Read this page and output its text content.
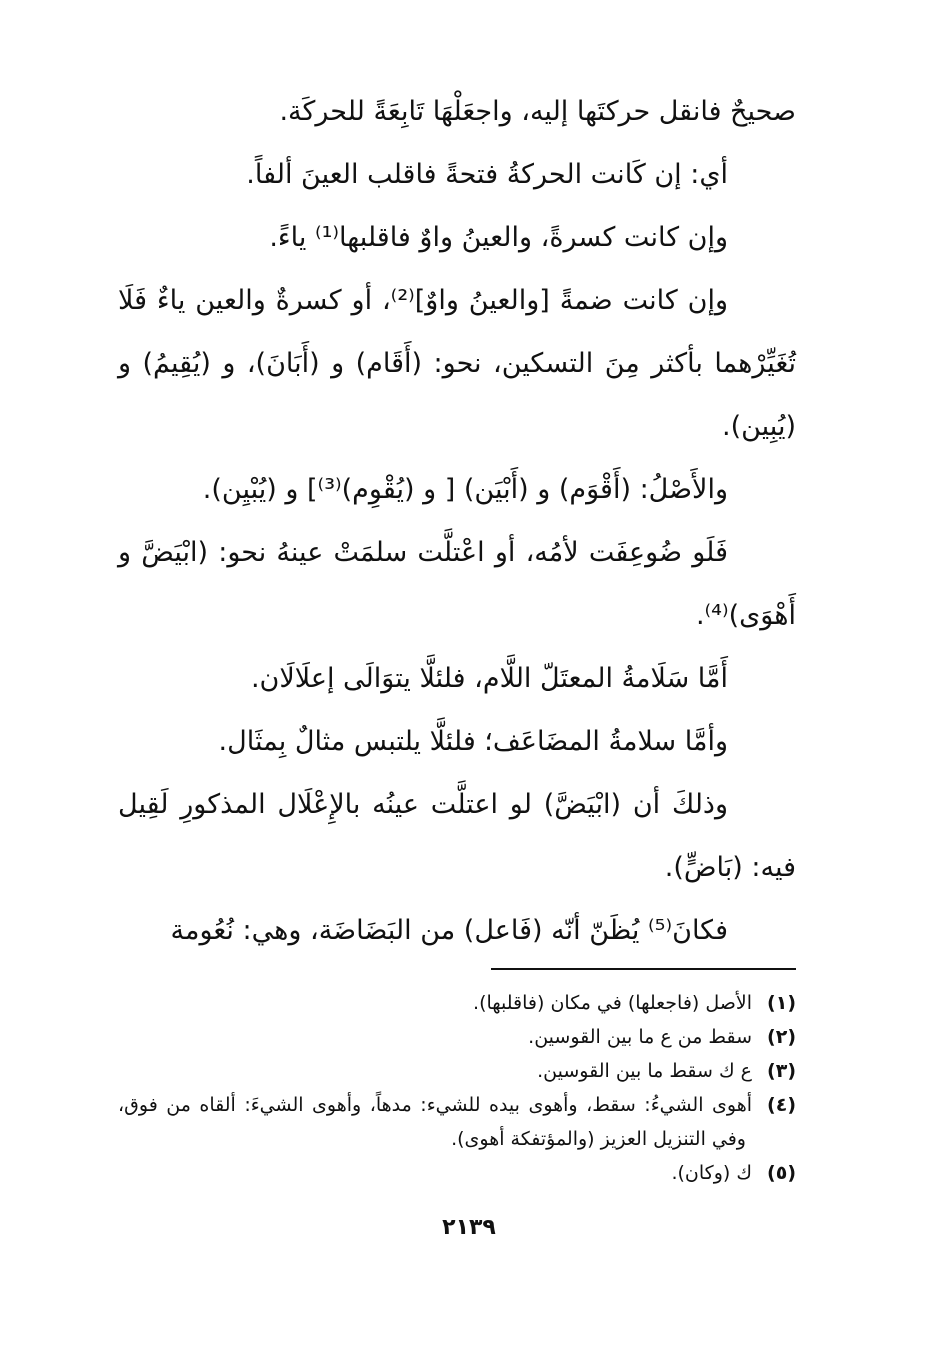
صحيحٌ فانقل حركتَها إليه، واجعَلْهَا تَابِعَةً للحركَة.

أي: إن كَانت الحركةُ فتحةً فاقلب العينَ ألفاً.

وإن كانت كسرةً، والعينُ واوٌ فاقلبها⁽¹⁾ ياءً.

وإن كانت ضمةً [والعينُ واوٌ]⁽²⁾، أو كسرةٌ والعين ياءٌ فَلَا تُغَيِّرْهما بأكثر مِنَ التسكين، نحو: (أَقَام) و (أَبَانَ)، و (يُقِيمُ) و (يُبِين).

والأَصْلُ: (أَقْوَم) و (أَبْيَن) [ و (يُقْوِم)⁽³⁾] و (يُبْيِن).

فَلَو ضُوعِفَت لأمُه، أو اعْتلَّت سلمَتْ عينهُ نحو: (ابْيَضَّ و أَهْوَى)⁽⁴⁾.

أَمَّا سَلَامةُ المعتَلّ اللَّام، فلئلَّا يتوَالَى إعلَالَان.

وأمَّا سلامةُ المضَاعَف؛ فلئلَّا يلتبس مثالٌ بِمثَال.

وذلكَ أن (ابْيَضَّ) لو اعتلَّت عينُه بالإِعْلَال المذكورِ لَقِيل فيه: (بَاضٍّ).

فكانَ⁽⁵⁾ يُظَنّ أنّه (فَاعل) من البَضَاضَة، وهي: نُعُومة

(١)الأصل (فاجعلها) في مكان (فاقلبها).

(٢)سقط من ع ما بين القوسين.

(٣)ع ك سقط ما بين القوسين.

(٤)أهوى الشيءُ: سقط، وأهوى بيده للشيء: مدهاً، وأهوى الشيءَ: ألقاه من فوق، وفي التنزيل العزيز (والمؤتفكة أهوى).

(٥)ك (وكان).

٢١٣٩
